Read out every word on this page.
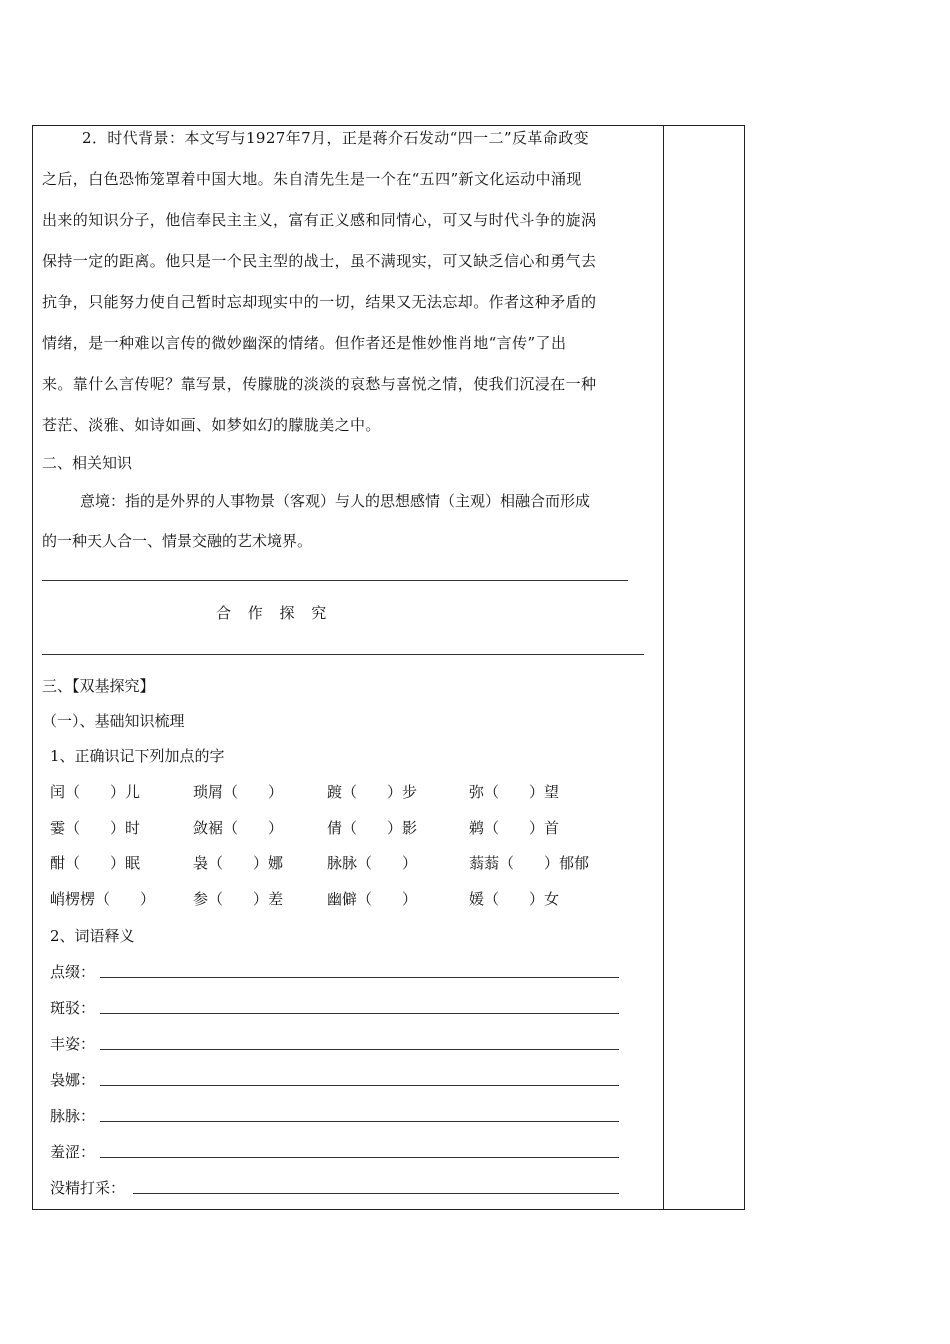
2．时代背景：本文写与1927年7月，正是蒋介石发动“四一二”反革命政变

之后，白色恐怖笼罩着中国大地。朱自清先生是一个在“五四”新文化运动中涌现

出来的知识分子，他信奉民主主义，富有正义感和同情心，可又与时代斗争的旋涡

保持一定的距离。他只是一个民主型的战士，虽不满现实，可又缺乏信心和勇气去

抗争，只能努力使自己暂时忘却现实中的一切，结果又无法忘却。作者这种矛盾的

情绪，是一种难以言传的微妙幽深的情绪。但作者还是惟妙惟肖地“言传”了出

来。靠什么言传呢？靠写景，传朦胧的淡淡的哀愁与喜悦之情，使我们沉浸在一种

苍茫、淡雅、如诗如画、如梦如幻的朦胧美之中。

二、相关知识
意境：指的是外界的人事物景（客观）与人的思想感情（主观）相融合而形成
的一种天人合一、情景交融的艺术境界。
合 作 探 究
三、【双基探究】
（一）、基础知识梳理
1、正确识记下列加点的字
闰（　　）儿	琐屑（　　）	踱（　　）步	弥（　　）望
霎（　　）时	敛裾（　　）	倩（　　）影	鹈（　　）首
酣（　　）眠	袅（　　）娜	脉脉（　　）	蓊蓊（　　）郁郁
峭楞楞（　　）	参（　　）差	幽僻（　　）	媛（　　）女
2、词语释义
点缀：
斑驳：
丰姿：
袅娜：
脉脉：
羞涩：
没精打采：
